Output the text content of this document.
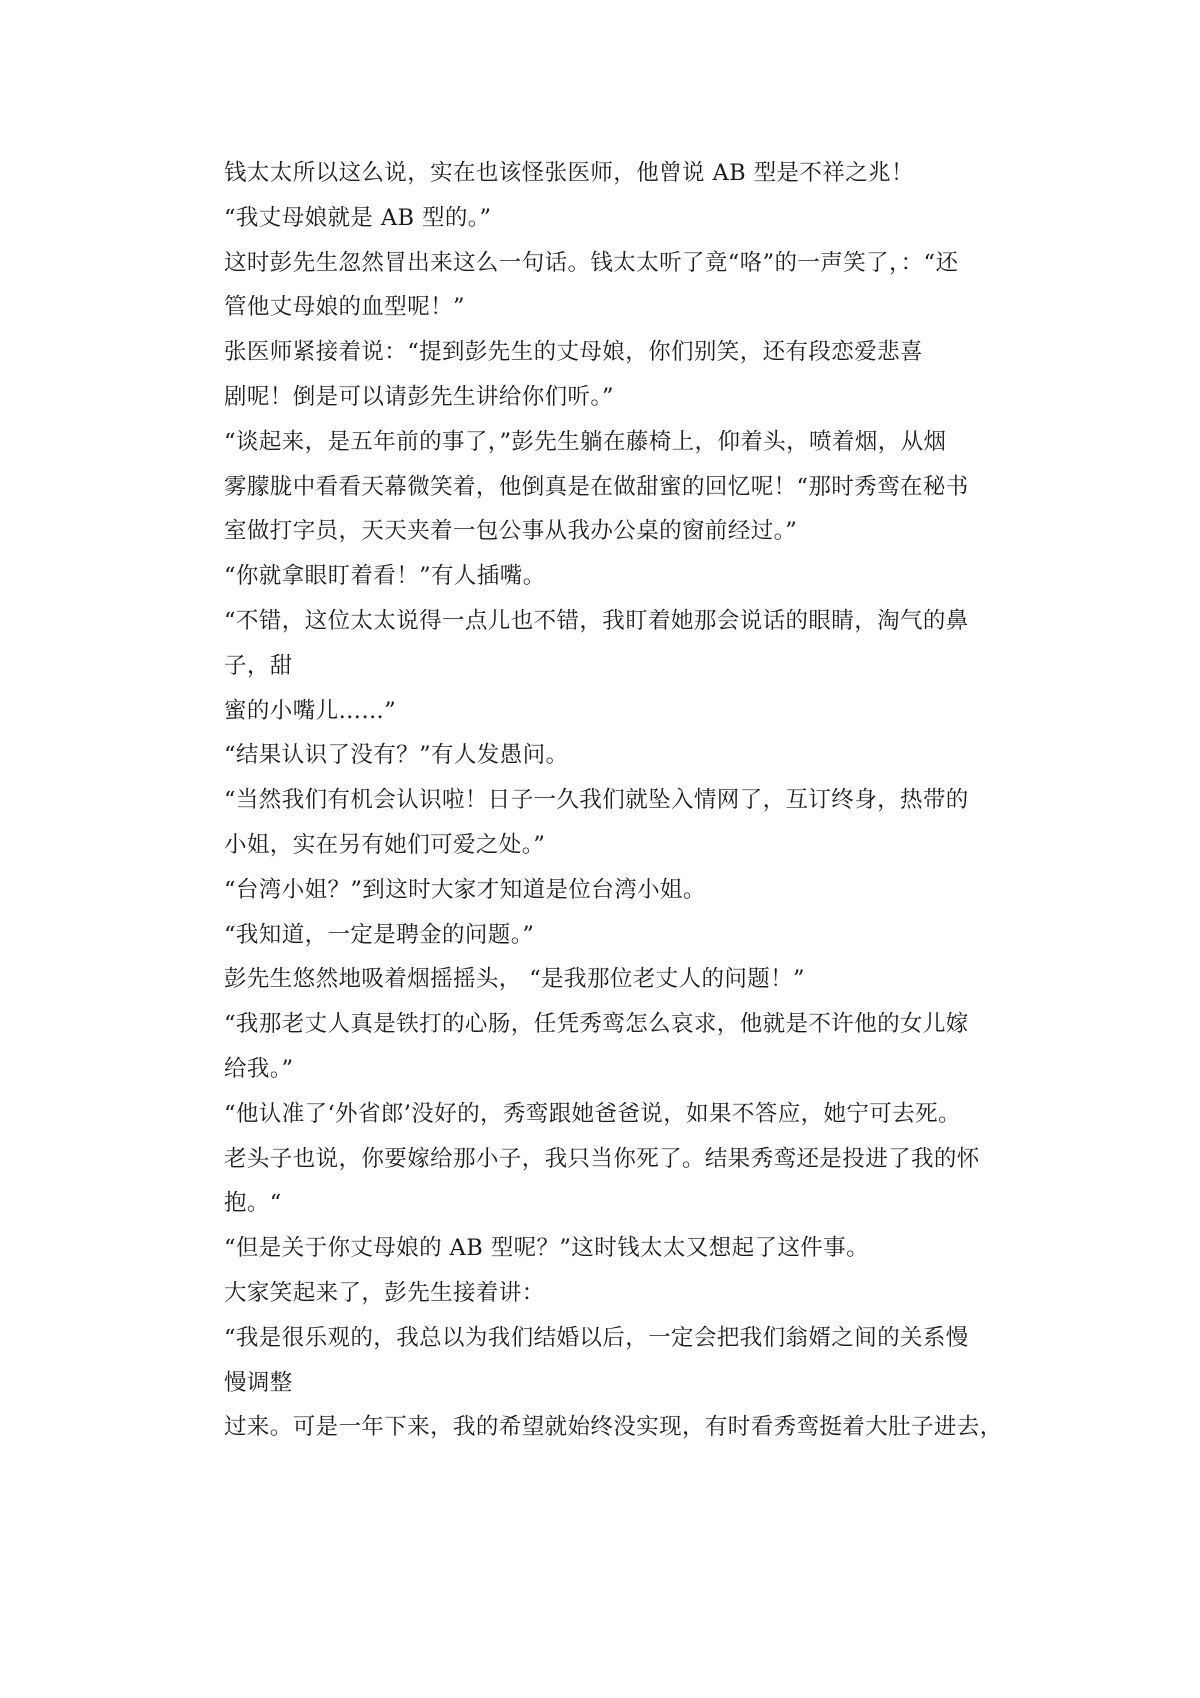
钱太太所以这么说，实在也该怪张医师，他曾说 AB 型是不祥之兆！
“我丈母娘就是 AB 型的。”
这时彭先生忽然冒出来这么一句话。钱太太听了竟“咯”的一声笑了，：“还
管他丈母娘的血型呢！”
张医师紧接着说：“提到彭先生的丈母娘，你们别笑，还有段恋爱悲喜
剧呢！倒是可以请彭先生讲给你们听。”
“谈起来，是五年前的事了，”彭先生躺在藤椅上，仰着头，喷着烟，从烟
雾朦胧中看看天幕微笑着，他倒真是在做甜蜜的回忆呢！“那时秀鸾在秘书
室做打字员，天天夹着一包公事从我办公桌的窗前经过。”
“你就拿眼盯着看！”有人插嘴。
“不错，这位太太说得一点儿也不错，我盯着她那会说话的眼睛，淘气的鼻
子，甜
蜜的小嘴儿……”
“结果认识了没有？”有人发愚问。
“当然我们有机会认识啦！日子一久我们就坠入情网了，互订终身，热带的
小姐，实在另有她们可爱之处。”
“台湾小姐？”到这时大家才知道是位台湾小姐。
“我知道，一定是聘金的问题。”
彭先生悠然地吸着烟摇摇头， “是我那位老丈人的问题！”
“我那老丈人真是铁打的心肠，任凭秀鸾怎么哀求，他就是不许他的女儿嫁
给我。”
“他认准了‘外省郎’没好的，秀鸾跟她爸爸说，如果不答应，她宁可去死。
老头子也说，你要嫁给那小子，我只当你死了。结果秀鸾还是投进了我的怀
抱。“
“但是关于你丈母娘的 AB 型呢？”这时钱太太又想起了这件事。
大家笑起来了，彭先生接着讲：
“我是很乐观的，我总以为我们结婚以后，一定会把我们翁婿之间的关系慢
慢调整
过来。可是一年下来，我的希望就始终没实现，有时看秀鸾挺着大肚子进去，
